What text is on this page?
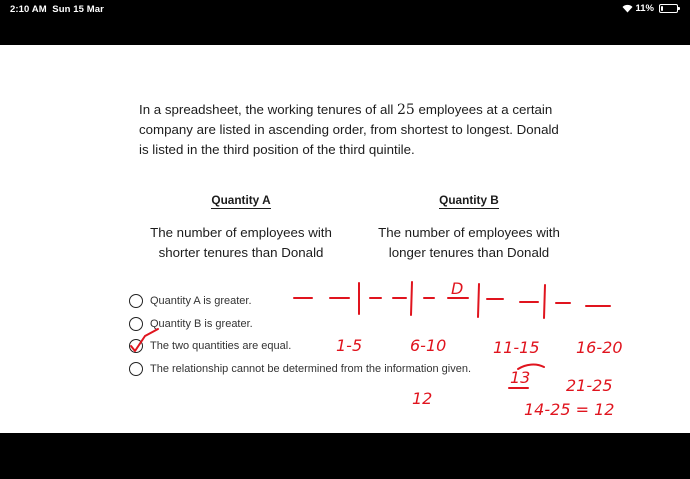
2:10 AM Sun 15 Mar	11%

In a spreadsheet, the working tenures of all 25 employees at a certain company are listed in ascending order, from shortest to longest. Donald is listed in the third position of the third quintile.

Quantity A
The number of employees with shorter tenures than Donald
Quantity B
The number of employees with longer tenures than Donald
Quantity A is greater.
Quantity B is greater.
The two quantities are equal.
The relationship cannot be determined from the information given.
D
1-5	6-10	11-15 16-20
21-25
13
12
14-25 = 12
